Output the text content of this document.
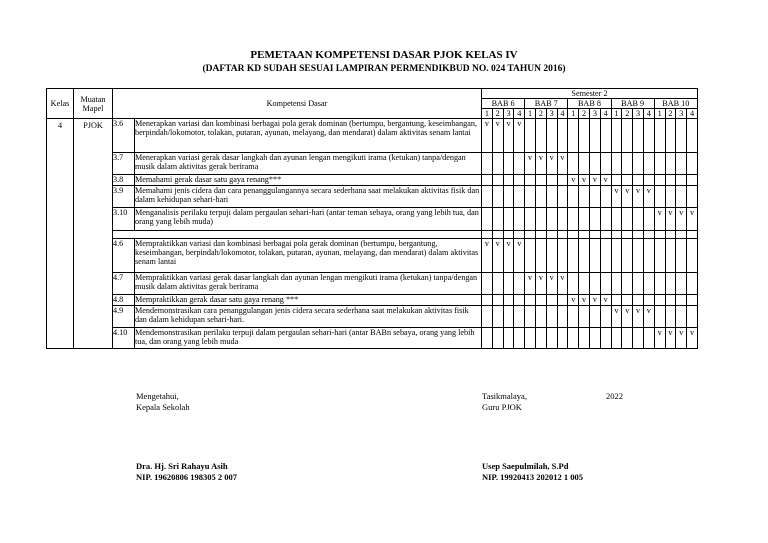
PEMETAAN KOMPETENSI DASAR PJOK KELAS IV
(DAFTAR KD SUDAH SESUAI LAMPIRAN PERMENDIKBUD NO. 024 TAHUN 2016)
Kelas	Muatan Mapel	Kompetensi Dasar		Semester 2																			
				BAB 6				BAB 7				BAB 8				BAB 9				BAB 10			
				1	2	3	4	1	2	3	4	1	2	3	4	1	2	3	4	1	2	3	4
4	PJOK	3.6	Menerapkan variasi dan kombinasi berbagai pola gerak dominan (bertumpu, bergantung, keseimbangan, berpindah/lokomotor, tolakan, putaran, ayunan, melayang, dan mendarat) dalam aktivitas senam lantai	v	v	v	v																
		3.7	Menerapkan variasi gerak dasar langkah dan ayunan lengan mengikuti irama (ketukan) tanpa/dengan musik dalam aktivitas gerak berirama					v	v	v	v												
		3.8	Memahami gerak dasar satu gaya renang***									v	v	v	v								
		3.9	Memahami jenis cidera dan cara penanggulangannya secara sederhana saat melakukan aktivitas fisik dan dalam kehidupan sehari-hari													v	v	v	v				
		3.10	Menganalisis perilaku terpuji dalam pergaulan sehari-hari (antar teman sebaya, orang yang lebih tua, dan orang yang lebih muda)																	v	v	v	v

		4.6	Mempraktikkan variasi dan kombinasi berbagai pola gerak dominan (bertumpu, bergantung, keseimbangan, berpindah/lokomotor, tolakan, putaran, ayunan, melayang, dan mendarat) dalam aktivitas senam lantai	v	v	v	v																
		4.7	Mempraktikkan variasi gerak dasar langkah dan ayunan lengan mengikuti irama (ketukan) tanpa/dengan musik dalam aktivitas gerak berirama					v	v	v	v												
		4.8	Mempraktikkan gerak dasar satu gaya renang ***									v	v	v	v								
		4.9	Mendemonstrasikan cara penanggulangan jenis cidera secara sederhana saat melakukan aktivitas fisik dan dalam kehidupan sehari-hari.													v	v	v	v				
		4.10	Mendemonstrasikan perilaku terpuji dalam pergaulan sehari-hari (antar BABn sebaya, orang yang lebih tua, dan orang yang lebih muda																	v	v	v	v
Mengetahui,
Kepala Sekolah
Tasikmalaya,
Guru PJOK
2022
Dra. Hj. Sri Rahayu Asih
NIP. 19620806 198305 2 007
Usep Saepulmilah, S.Pd
NIP. 19920413 202012 1 005
